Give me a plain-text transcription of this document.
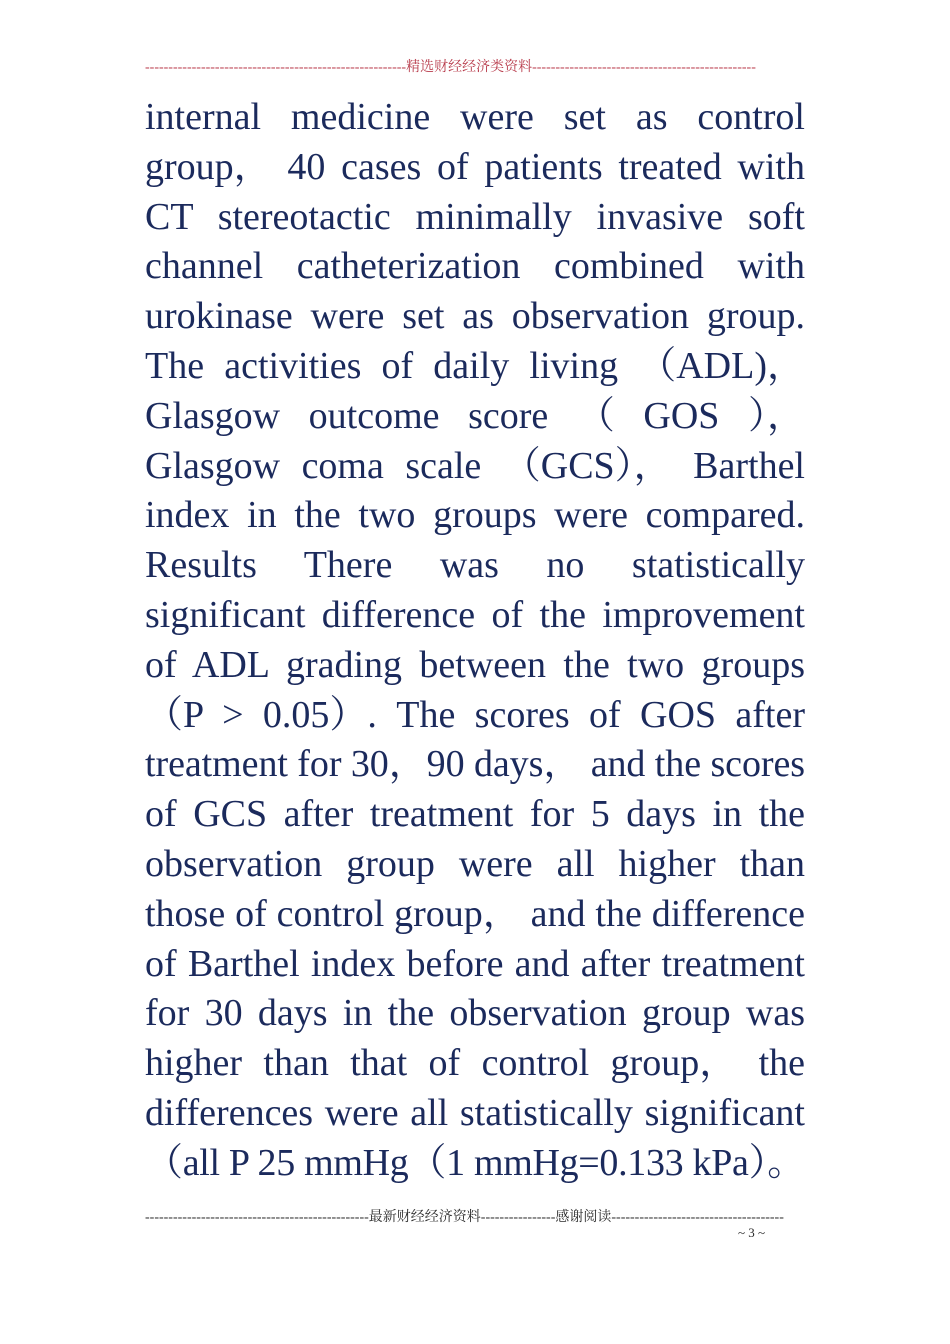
--------------------------------------------------------精选财经经济类资料------------------------------------------------
internal medicine were set as control
group， 40 cases of patients treated with
CT stereotactic minimally invasive soft
channel catheterization combined with
urokinase were set as observation group.
The activities of daily living （ADL)，
Glasgow outcome score （ GOS ），
Glasgow coma scale （GCS）， Barthel
index in the two groups were compared.
Results There was no statistically
significant difference of the improvement
of ADL grading between the two groups
（P > 0.05）. The scores of GOS after
treatment for 30，90 days， and the scores
of GCS after treatment for 5 days in the
observation group were all higher than
those of control group， and the difference
of Barthel index before and after treatment
for 30 days in the observation group was
higher than that of control group， the
differences were all statistically significant
（all P 25 mmHg（1 mmHg=0.133 kPa）。
------------------------------------------------最新财经经济资料----------------感谢阅读-------------------------------------
~ 3 ~
